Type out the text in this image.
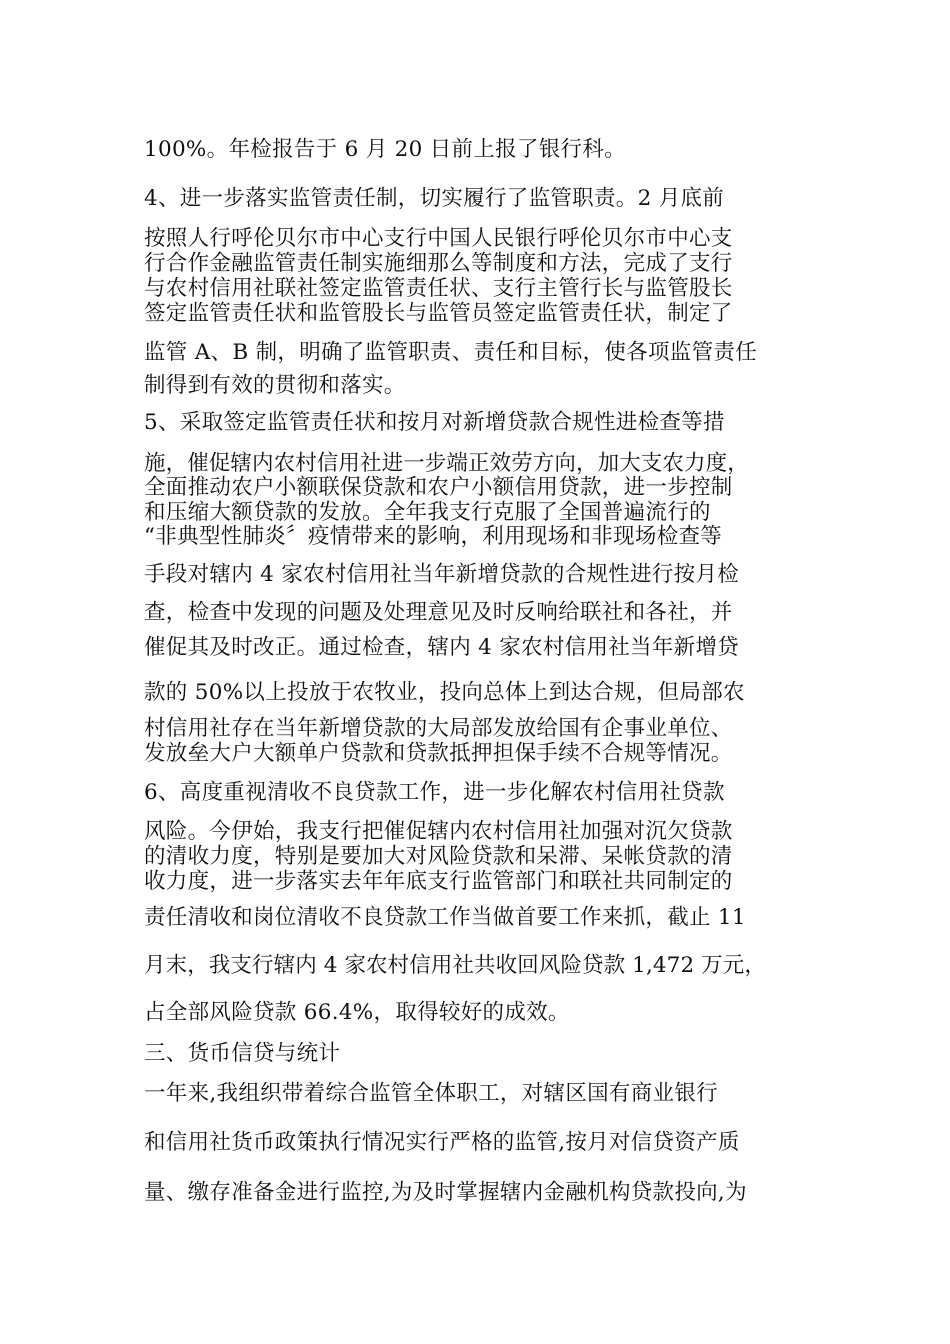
100%。年检报告于 6 月 20 日前上报了银行科。
4、进一步落实监管责任制，切实履行了监管职责。2 月底前
按照人行呼伦贝尔市中心支行中国人民银行呼伦贝尔市中心支
行合作金融监管责任制实施细那么等制度和方法，完成了支行
与农村信用社联社签定监管责任状、支行主管行长与监管股长
签定监管责任状和监管股长与监管员签定监管责任状，制定了
监管 A、B 制，明确了监管职责、责任和目标，使各项监管责任
制得到有效的贯彻和落实。
5、采取签定监管责任状和按月对新增贷款合规性进检查等措
施，催促辖内农村信用社进一步端正效劳方向，加大支农力度，
全面推动农户小额联保贷款和农户小额信用贷款，进一步控制
和压缩大额贷款的发放。全年我支行克服了全国普遍流行的
“非典型性肺炎〞疫情带来的影响，利用现场和非现场检查等
手段对辖内 4 家农村信用社当年新增贷款的合规性进行按月检
查，检查中发现的问题及处理意见及时反响给联社和各社，并
催促其及时改正。通过检查，辖内 4 家农村信用社当年新增贷
款的 50%以上投放于农牧业，投向总体上到达合规，但局部农
村信用社存在当年新增贷款的大局部发放给国有企事业单位、
发放垒大户大额单户贷款和贷款抵押担保手续不合规等情况。
6、高度重视清收不良贷款工作，进一步化解农村信用社贷款
风险。今伊始，我支行把催促辖内农村信用社加强对沉欠贷款
的清收力度，特别是要加大对风险贷款和呆滞、呆帐贷款的清
收力度，进一步落实去年年底支行监管部门和联社共同制定的
责任清收和岗位清收不良贷款工作当做首要工作来抓，截止 11
月末，我支行辖内 4 家农村信用社共收回风险贷款 1,472 万元，
占全部风险贷款 66.4%，取得较好的成效。
三、货币信贷与统计
一年来,我组织带着综合监管全体职工，对辖区国有商业银行
和信用社货币政策执行情况实行严格的监管,按月对信贷资产质
量、缴存准备金进行监控,为及时掌握辖内金融机构贷款投向,为
